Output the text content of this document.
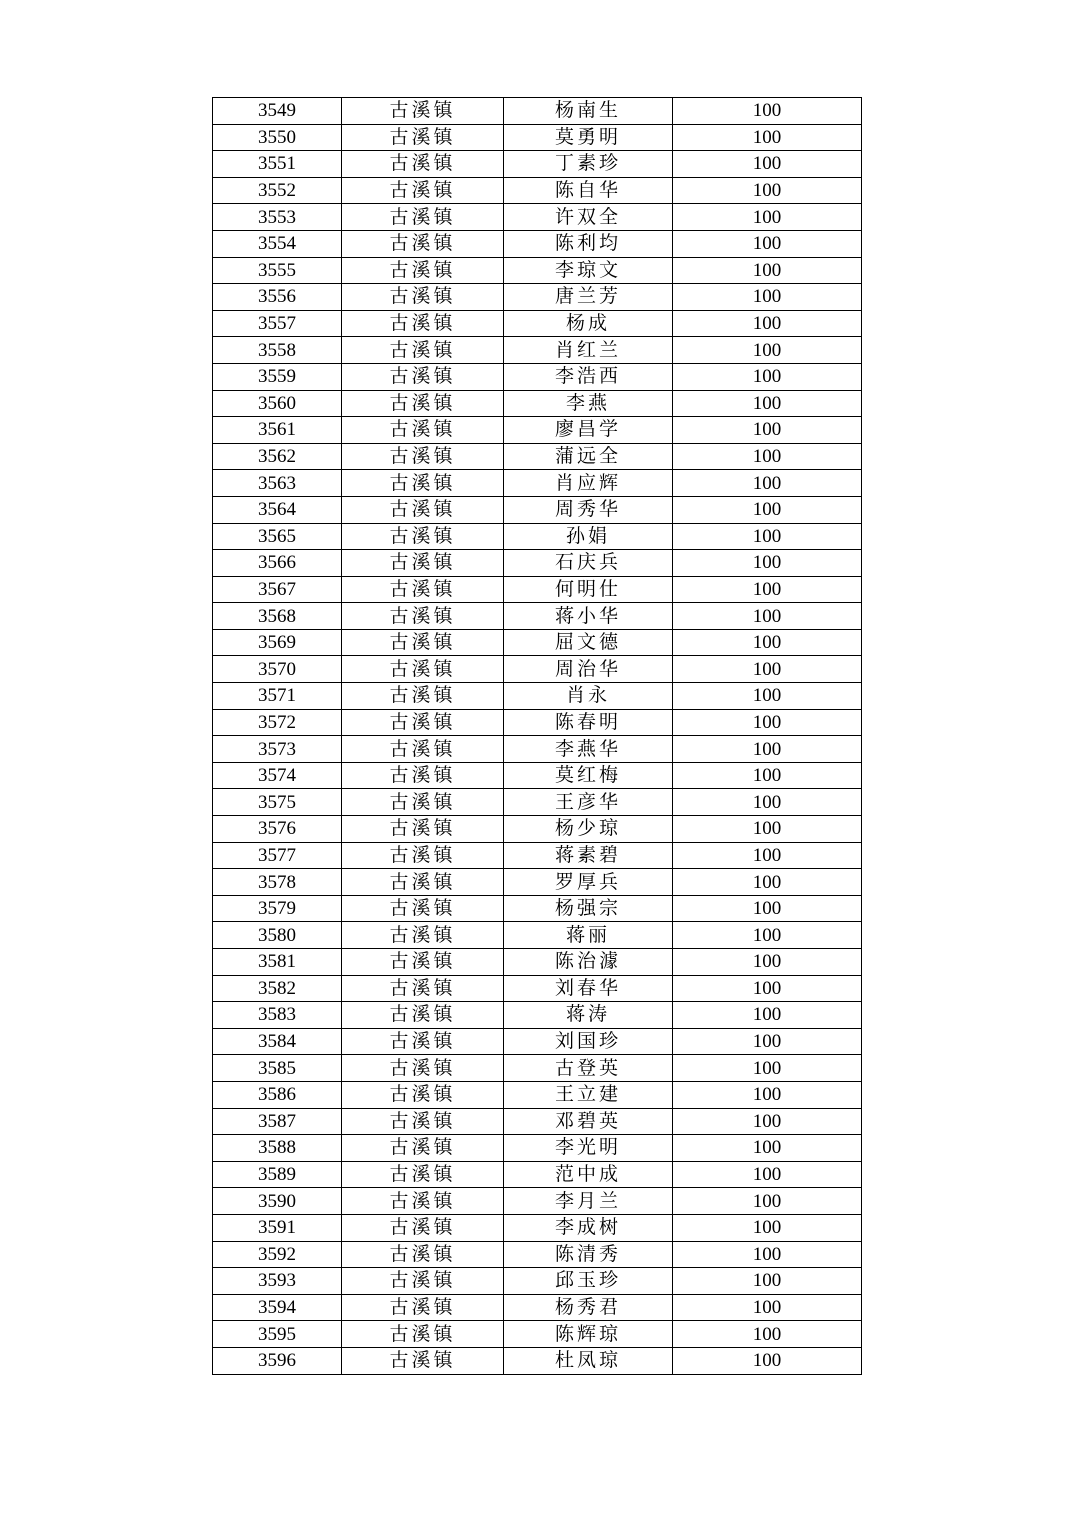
3549	古溪镇	杨南生	100
3550	古溪镇	莫勇明	100
3551	古溪镇	丁素珍	100
3552	古溪镇	陈自华	100
3553	古溪镇	许双全	100
3554	古溪镇	陈利均	100
3555	古溪镇	李琼文	100
3556	古溪镇	唐兰芳	100
3557	古溪镇	杨成	100
3558	古溪镇	肖红兰	100
3559	古溪镇	李浩西	100
3560	古溪镇	李燕	100
3561	古溪镇	廖昌学	100
3562	古溪镇	蒲远全	100
3563	古溪镇	肖应辉	100
3564	古溪镇	周秀华	100
3565	古溪镇	孙娟	100
3566	古溪镇	石庆兵	100
3567	古溪镇	何明仕	100
3568	古溪镇	蒋小华	100
3569	古溪镇	屈文德	100
3570	古溪镇	周治华	100
3571	古溪镇	肖永	100
3572	古溪镇	陈春明	100
3573	古溪镇	李燕华	100
3574	古溪镇	莫红梅	100
3575	古溪镇	王彦华	100
3576	古溪镇	杨少琼	100
3577	古溪镇	蒋素碧	100
3578	古溪镇	罗厚兵	100
3579	古溪镇	杨强宗	100
3580	古溪镇	蒋丽	100
3581	古溪镇	陈治澽	100
3582	古溪镇	刘春华	100
3583	古溪镇	蒋涛	100
3584	古溪镇	刘国珍	100
3585	古溪镇	古登英	100
3586	古溪镇	王立建	100
3587	古溪镇	邓碧英	100
3588	古溪镇	李光明	100
3589	古溪镇	范中成	100
3590	古溪镇	李月兰	100
3591	古溪镇	李成树	100
3592	古溪镇	陈清秀	100
3593	古溪镇	邱玉珍	100
3594	古溪镇	杨秀君	100
3595	古溪镇	陈辉琼	100
3596	古溪镇	杜凤琼	100
